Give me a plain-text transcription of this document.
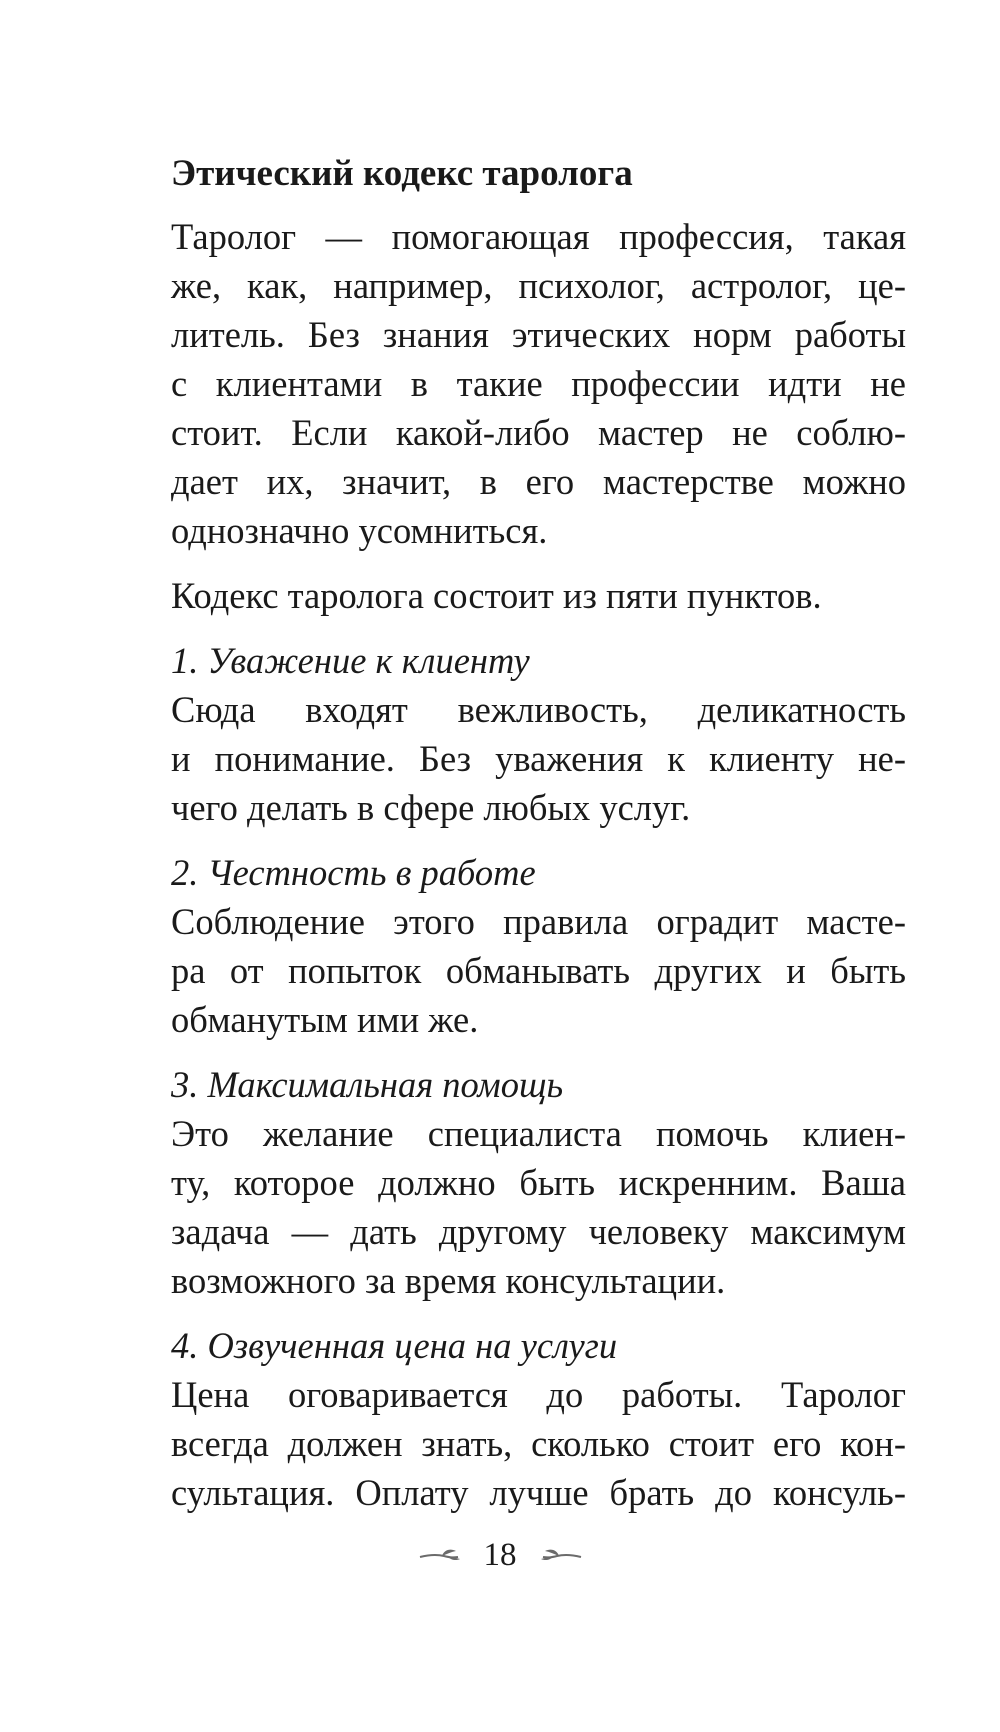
Этический кодекс таролога
Таролог — помогающая профессия, такая
же, как, например, психолог, астролог, це-
литель. Без знания этических норм работы
с клиентами в такие профессии идти не
стоит. Если какой-либо мастер не соблю-
дает их, значит, в его мастерстве можно
однозначно усомниться.
Кодекс таролога состоит из пяти пунктов.
1. Уважение к клиенту
Сюда входят вежливость, деликатность
и понимание. Без уважения к клиенту не-
чего делать в сфере любых услуг.
2. Честность в работе
Соблюдение этого правила оградит масте-
ра от попыток обманывать других и быть
обманутым ими же.
3. Максимальная помощь
Это желание специалиста помочь клиен-
ту, которое должно быть искренним. Ваша
задача — дать другому человеку максимум
возможного за время консультации.
4. Озвученная цена на услуги
Цена оговаривается до работы. Таролог
всегда должен знать, сколько стоит его кон-
сультация. Оплату лучше брать до консуль-
18
